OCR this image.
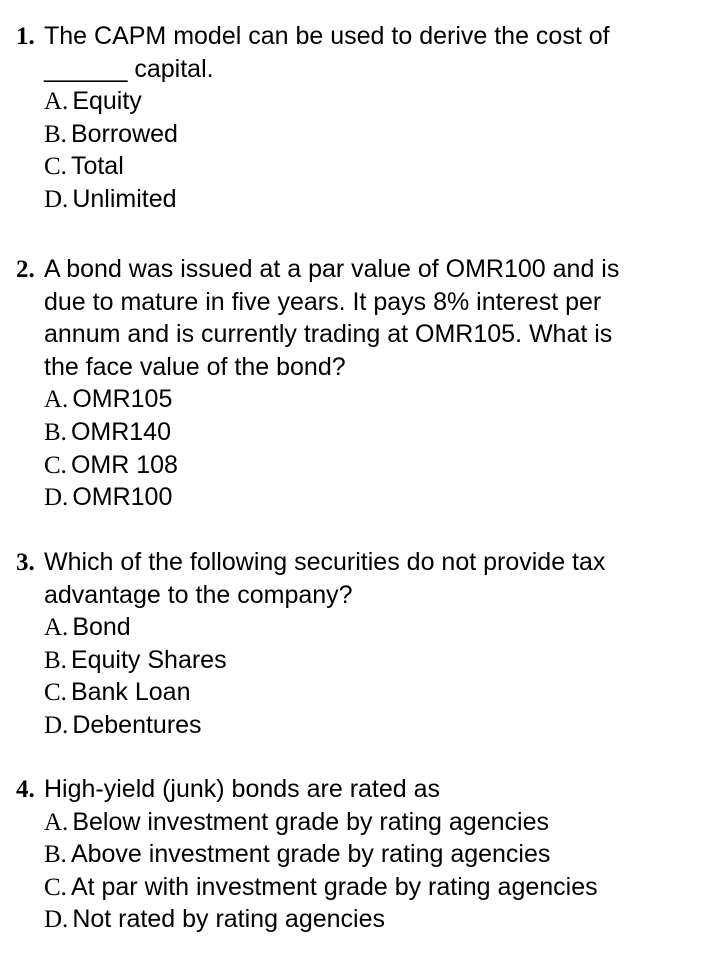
1. The CAPM model can be used to derive the cost of
______ capital.
A.
Equity
B.
Borrowed
C.
Total
D.
Unlimited
2. A bond was issued at a par value of OMR100 and is
due to mature in five years. It pays 8% interest per
annum and is currently trading at OMR105. What is
the face value of the bond?
A.
OMR105
B.
OMR140
C.
OMR 108
D.
OMR100
3. Which of the following securities do not provide tax
advantage to the company?
A.
Bond
B.
Equity Shares
C.
Bank Loan
D.
Debentures
4. High-yield (junk) bonds are rated as
A.
Below investment grade by rating agencies
B.
Above investment grade by rating agencies
C.
At par with investment grade by rating agencies
D.
Not rated by rating agencies
